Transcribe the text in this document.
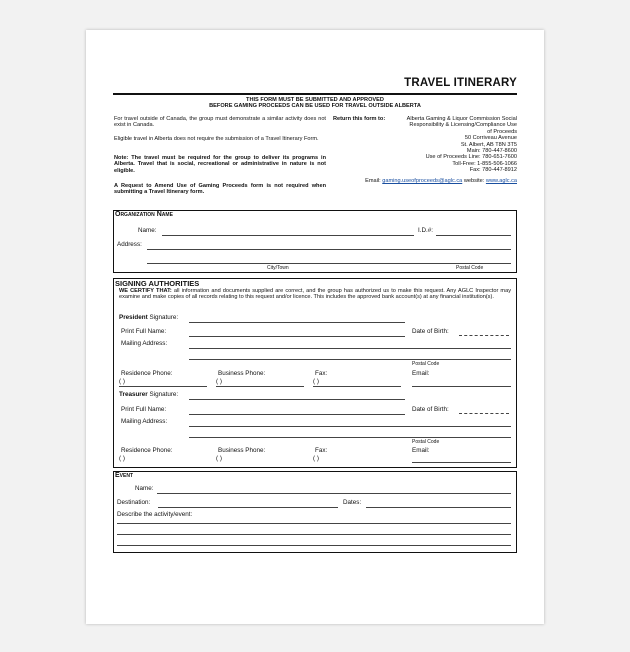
TRAVEL ITINERARY
THIS FORM MUST BE SUBMITTED AND APPROVED
BEFORE GAMING PROCEEDS CAN BE USED FOR TRAVEL OUTSIDE ALBERTA
For travel outside of Canada, the group must demonstrate a similar activity does not exist in Canada.
Eligible travel in Alberta does not require the submission of a Travel Itinerary Form.
Note: The travel must be required for the group to deliver its programs in Alberta. Travel that is social, recreational or administrative in nature is not eligible.
A Request to Amend Use of Gaming Proceeds form is not required when submitting a Travel Itinerary form.
Return this form to:	Alberta Gaming & Liquor Commission Social
Responsibility & Licensing/Compliance Use
of Proceeds
50 Corriveau Avenue
St. Albert, AB T8N 3T5
Main: 780-447-8600
Use of Proceeds Line: 780-651-7600
Toll-Free: 1-855-506-1066
Fax: 780-447-8912
Email: gaming.useofproceeds@aglc.ca website: www.aglc.ca
Organization Name
Name:	I.D.#:
Address:
City/Town	Postal Code
SIGNING AUTHORITIES
WE CERTIFY THAT: all information and documents supplied are correct, and the group has authorized us to make this request. Any AGLC Inspector may examine and make copies of all records relating to this request and/or licence. This includes the approved bank account(s) at any financial institution(s).
President Signature:
Print Full Name:	Date of Birth:
Mailing Address:
Postal Code
Residence Phone:	Business Phone:	Fax:	Email:
( )	( )	( )
Treasurer Signature:
Print Full Name:	Date of Birth:
Mailing Address:
Postal Code
Residence Phone:	Business Phone:	Fax:	Email:
( )	( )	( )
Event
Name:
Destination:	Dates:
Describe the activity/event:
